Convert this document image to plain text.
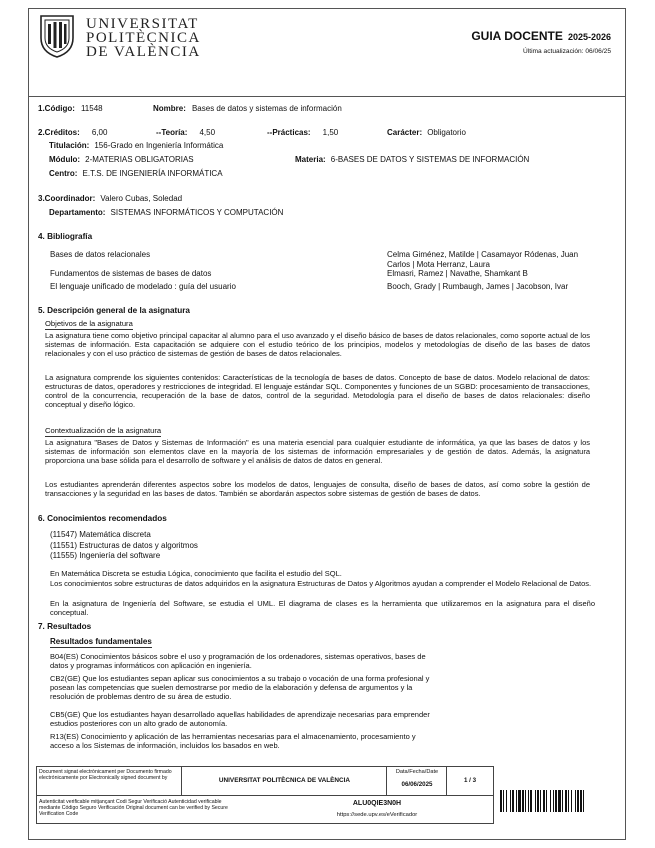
UNIVERSITAT
POLITÈCNICA
DE VALÈNCIA
GUIA DOCENTE 2025-2026
Última actualización: 06/06/25
1.Código: 11548	Nombre: Bases de datos y sistemas de información
2.Créditos: 6,00	--Teoría: 4,50	--Prácticas: 1,50	Carácter: Obligatorio
Titulación: 156-Grado en Ingeniería Informática
Módulo: 2-MATERIAS OBLIGATORIAS	Materia: 6-BASES DE DATOS Y SISTEMAS DE INFORMACIÓN
Centro: E.T.S. DE INGENIERÍA INFORMÁTICA
3.Coordinador: Valero Cubas, Soledad
Departamento: SISTEMAS INFORMÁTICOS Y COMPUTACIÓN
4. Bibliografía
Bases de datos relacionales	Celma Giménez, Matilde | Casamayor Ródenas, Juan Carlos | Mota Herranz, Laura
Fundamentos de sistemas de bases de datos	Elmasri, Ramez | Navathe, Shamkant B
El lenguaje unificado de modelado : guía del usuario	Booch, Grady | Rumbaugh, James | Jacobson, Ivar
5. Descripción general de la asignatura
Objetivos de la asignatura
La asignatura tiene como objetivo principal capacitar al alumno para el uso avanzado y el diseño básico de bases de datos relacionales, como soporte actual de los sistemas de información. Esta capacitación se adquiere con el estudio teórico de los principios, modelos y metodologías de diseño de las bases de datos relacionales y con el uso práctico de sistemas de gestión de bases de datos relacionales.
La asignatura comprende los siguientes contenidos: Características de la tecnología de bases de datos. Concepto de base de datos. Modelo relacional de datos: estructuras de datos, operadores y restricciones de integridad. El lenguaje estándar SQL. Componentes y funciones de un SGBD: procesamiento de transacciones, control de la concurrencia, recuperación de la base de datos, control de la seguridad. Metodología para el diseño de bases de datos relacionales: diseño conceptual y diseño lógico.
Contextualización de la asignatura
La asignatura "Bases de Datos y Sistemas de Información" es una materia esencial para cualquier estudiante de informática, ya que las bases de datos y los sistemas de información son elementos clave en la mayoría de los sistemas de información empresariales y de gestión de datos. Además, la asignatura proporciona una base sólida para el desarrollo de software y el análisis de datos de datos en general.
Los estudiantes aprenderán diferentes aspectos sobre los modelos de datos, lenguajes de consulta, diseño de bases de datos, así como sobre la gestión de transacciones y la seguridad en las bases de datos. También se abordarán aspectos sobre sistemas de gestión de bases de datos.
6. Conocimientos recomendados
(11547) Matemática discreta
(11551) Estructuras de datos y algoritmos
(11555) Ingeniería del software
En Matemática Discreta se estudia Lógica, conocimiento que facilita el estudio del SQL.
Los conocimientos sobre estructuras de datos adquiridos en la asignatura Estructuras de Datos y Algoritmos ayudan a comprender el Modelo Relacional de Datos.
En la asignatura de Ingeniería del Software, se estudia el UML. El diagrama de clases es la herramienta que utilizaremos en la asignatura para el diseño conceptual.
7. Resultados
Resultados fundamentales
B04(ES) Conocimientos básicos sobre el uso y programación de los ordenadores, sistemas operativos, bases de datos y programas informáticos con aplicación en ingeniería.
CB2(GE) Que los estudiantes sepan aplicar sus conocimientos a su trabajo o vocación de una forma profesional y posean las competencias que suelen demostrarse por medio de la elaboración y defensa de argumentos y la resolución de problemas dentro de su área de estudio.
CB5(GE) Que los estudiantes hayan desarrollado aquellas habilidades de aprendizaje necesarias para emprender estudios posteriores con un alto grado de autonomía.
R13(ES) Conocimiento y aplicación de las herramientas necesarias para el almacenamiento, procesamiento y acceso a los Sistemas de información, incluidos los basados en web.
Document signat electrònicament per Documento firmado electrónicamente por Electronically signed document by	UNIVERSITAT POLITÈCNICA DE VALÈNCIA
Data/Fecha/Date
06/06/2025
1 / 3
Autenticitat verificable mitjançant Codi Segur Verificació Autenticidad verificable mediante Código Seguro Verificación Original document can be verified by Secure Verification Code
ALU0QIE3N0H
https://sede.upv.es/eVerificador
